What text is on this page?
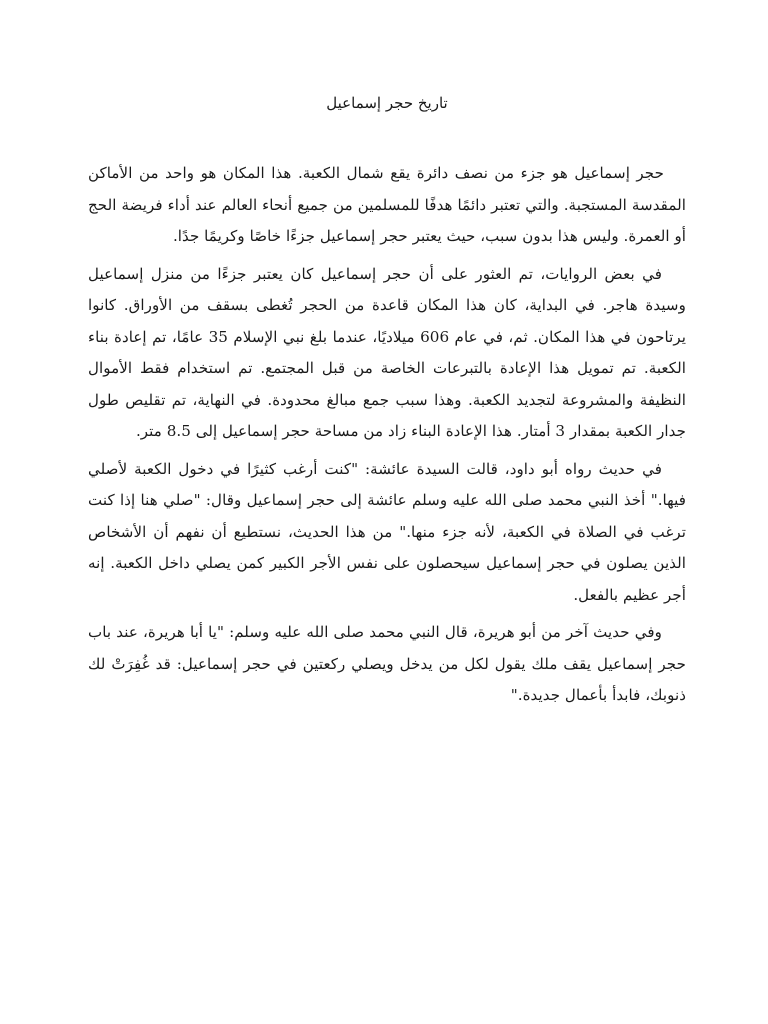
تاريخ حجر إسماعيل

حجر إسماعيل هو جزء من نصف دائرة يقع شمال الكعبة. هذا المكان هو واحد من الأماكن المقدسة المستجبة. والتي تعتبر دائمًا هدفًا للمسلمين من جميع أنحاء العالم عند أداء فريضة الحج أو العمرة. وليس هذا بدون سبب، حيث يعتبر حجر إسماعيل جزءًا خاصًا وكريمًا جدًا.

في بعض الروايات، تم العثور على أن حجر إسماعيل كان يعتبر جزءًا من منزل إسماعيل وسيدة هاجر. في البداية، كان هذا المكان قاعدة من الحجر تُغطى بسقف من الأوراق. كانوا يرتاحون في هذا المكان. ثم، في عام 606 ميلاديًا، عندما بلغ نبي الإسلام 35 عامًا، تم إعادة بناء الكعبة. تم تمويل هذا الإعادة بالتبرعات الخاصة من قبل المجتمع. تم استخدام فقط الأموال النظيفة والمشروعة لتجديد الكعبة. وهذا سبب جمع مبالغ محدودة. في النهاية، تم تقليص طول جدار الكعبة بمقدار 3 أمتار. هذا الإعادة البناء زاد من مساحة حجر إسماعيل إلى 8.5 متر.

في حديث رواه أبو داود، قالت السيدة عائشة: "كنت أرغب كثيرًا في دخول الكعبة لأصلي فيها." أخذ النبي محمد صلى الله عليه وسلم عائشة إلى حجر إسماعيل وقال: "صلي هنا إذا كنت ترغب في الصلاة في الكعبة، لأنه جزء منها." من هذا الحديث، نستطيع أن نفهم أن الأشخاص الذين يصلون في حجر إسماعيل سيحصلون على نفس الأجر الكبير كمن يصلي داخل الكعبة. إنه أجر عظيم بالفعل.

وفي حديث آخر من أبو هريرة، قال النبي محمد صلى الله عليه وسلم: "يا أبا هريرة، عند باب حجر إسماعيل يقف ملك يقول لكل من يدخل ويصلي ركعتين في حجر إسماعيل: قد غُفِرَتْ لك ذنوبك، فابدأ بأعمال جديدة."
